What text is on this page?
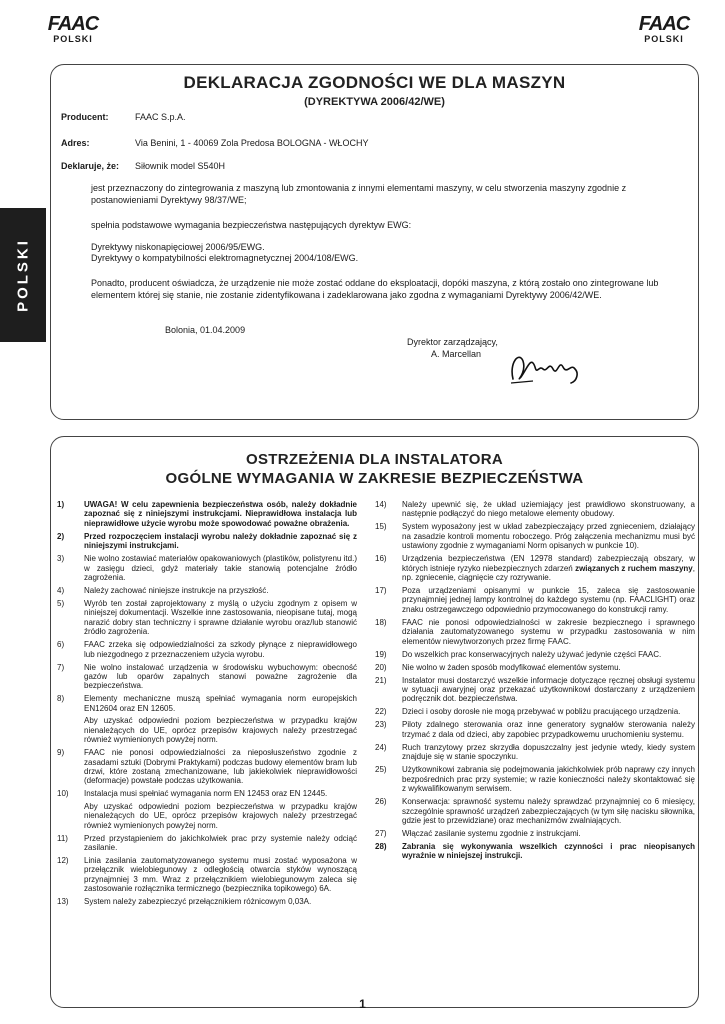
FAAC
POLSKI
FAAC
POLSKI
POLSKI
DEKLARACJA ZGODNOŚCI WE DLA MASZYN
(DYREKTYWA 2006/42/WE)
Producent:	FAAC S.p.A.
Adres:	Via Benini, 1 - 40069 Zola Predosa BOLOGNA - WŁOCHY
Deklaruje, że: Siłownik model S540H
jest przeznaczony do zintegrowania z maszyną lub zmontowania z innymi elementami maszyny, w celu stworzenia maszyny zgodnie z postanowieniami Dyrektywy 98/37/WE;
spełnia podstawowe wymagania bezpieczeństwa następujących dyrektyw EWG:
Dyrektywy niskonapięciowej 2006/95/EWG.
Dyrektywy o kompatybilności elektromagnetycznej 2004/108/EWG.
Ponadto, producent oświadcza, że urządzenie nie może zostać oddane do eksploatacji, dopóki maszyna, z którą zostało ono zintegrowane lub elementem której się stanie, nie zostanie zidentyfikowana i zadeklarowana jako zgodna z wymaganiami Dyrektywy 2006/42/WE.
Bolonia, 01.04.2009
Dyrektor zarządzający,
A. Marcellan
OSTRZEŻENIA DLA INSTALATORA
OGÓLNE WYMAGANIA W ZAKRESIE BEZPIECZEŃSTWA
1) UWAGA! W celu zapewnienia bezpieczeństwa osób, należy dokładnie zapoznać się z niniejszymi instrukcjami. Nieprawidłowa instalacja lub nieprawidłowe użycie wyrobu może spowodować poważne obrażenia.

2) Przed rozpoczęciem instalacji wyrobu należy dokładnie zapoznać się z niniejszymi instrukcjami.

3) Nie wolno zostawiać materiałów opakowaniowych (plastików, polistyrenu itd.) w zasięgu dzieci, gdyż materiały takie stanowią potencjalne źródło zagrożenia.

4) Należy zachować niniejsze instrukcje na przyszłość.

5) Wyrób ten został zaprojektowany z myślą o użyciu zgodnym z opisem w niniejszej dokumentacji. Wszelkie inne zastosowania, nieopisane tutaj, mogą narazić dobry stan techniczny i sprawne działanie wyrobu oraz/lub stanowić źródło zagrożenia.

6) FAAC zrzeka się odpowiedzialności za szkody płynące z nieprawidłowego lub niezgodnego z przeznaczeniem użycia wyrobu.

7) Nie wolno instalować urządzenia w środowisku wybuchowym: obecność gazów lub oparów zapalnych stanowi poważne zagrożenie dla bezpieczeństwa.

8) Elementy mechaniczne muszą spełniać wymagania norm europejskich EN12604 oraz EN 12605.

Aby uzyskać odpowiedni poziom bezpieczeństwa w przypadku krajów nienależących do UE, oprócz przepisów krajowych należy przestrzegać również wymienionych powyżej norm.

9) FAAC nie ponosi odpowiedzialności za nieposłuszeństwo zgodnie z zasadami sztuki (Dobrymi Praktykami) podczas budowy elementów bram lub drzwi, które zostaną zmechanizowane, lub jakiekolwiek nieprawidłowości (deformacje) powstałe podczas użytkowania.

10) Instalacja musi spełniać wymagania norm EN 12453 oraz EN 12445.

Aby uzyskać odpowiedni poziom bezpieczeństwa w przypadku krajów nienależących do UE, oprócz przepisów krajowych należy przestrzegać również wymienionych powyżej norm.

11) Przed przystąpieniem do jakichkolwiek prac przy systemie należy odciąć zasilanie.

12) Linia zasilania zautomatyzowanego systemu musi zostać wyposażona w przełącznik wielobiegunowy z odległością otwarcia styków wynoszącą przynajmniej 3 mm. Wraz z przełącznikiem wielobiegunowym zaleca się zastosowanie rozłącznika termicznego (bezpiecznika topikowego) 6A.

13) System należy zabezpieczyć przełącznikiem różnicowym 0,03A.

14) Należy upewnić się, że układ uziemiający jest prawidłowo skonstruowany, a następnie podłączyć do niego metalowe elementy obudowy.

15) System wyposażony jest w układ zabezpieczający przed zgnieceniem, działający na zasadzie kontroli momentu roboczego. Próg załączenia mechanizmu musi być ustawiony zgodnie z wymaganiami Norm opisanych w punkcie 10).

16) Urządzenia bezpieczeństwa (EN 12978 standard) zabezpieczają obszary, w których istnieje ryzyko niebezpiecznych zdarzeń związanych z ruchem maszyny, np. zgniecenie, ciągnięcie czy rozrywanie.

17) Poza urządzeniami opisanymi w punkcie 15, zaleca się zastosowanie przynajmniej jednej lampy kontrolnej do każdego systemu (np. FAACLIGHT) oraz znaku ostrzegawczego odpowiednio przymocowanego do konstrukcji ramy.

18) FAAC nie ponosi odpowiedzialności w zakresie bezpiecznego i sprawnego działania zautomatyzowanego systemu w przypadku zastosowania w nim elementów niewytworzonych przez firmę FAAC.

19) Do wszelkich prac konserwacyjnych należy używać jedynie części FAAC.

20) Nie wolno w żaden sposób modyfikować elementów systemu.

21) Instalator musi dostarczyć wszelkie informacje dotyczące ręcznej obsługi systemu w sytuacji awaryjnej oraz przekazać użytkownikowi dostarczany z urządzeniem podręcznik dot. bezpieczeństwa.

22) Dzieci i osoby dorosłe nie mogą przebywać w pobliżu pracującego urządzenia.

23) Piloty zdalnego sterowania oraz inne generatory sygnałów sterowania należy trzymać z dala od dzieci, aby zapobiec przypadkowemu uruchomieniu systemu.

24) Ruch tranzytowy przez skrzydła dopuszczalny jest jedynie wtedy, kiedy system znajduje się w stanie spoczynku.

25) Użytkownikowi zabrania się podejmowania jakichkolwiek prób naprawy czy innych bezpośrednich prac przy systemie; w razie konieczności należy skontaktować się z wykwalifikowanym serwisem.

26) Konserwacja: sprawność systemu należy sprawdzać przynajmniej co 6 miesięcy, szczególnie sprawność urządzeń zabezpieczających (w tym siłę nacisku siłownika, gdzie jest to przewidziane) oraz mechanizmów zwalniających.

27) Włączać zasilanie systemu zgodnie z instrukcjami.

28) Zabrania się wykonywania wszelkich czynności i prac nieopisanych wyraźnie w niniejszej instrukcji.

1
